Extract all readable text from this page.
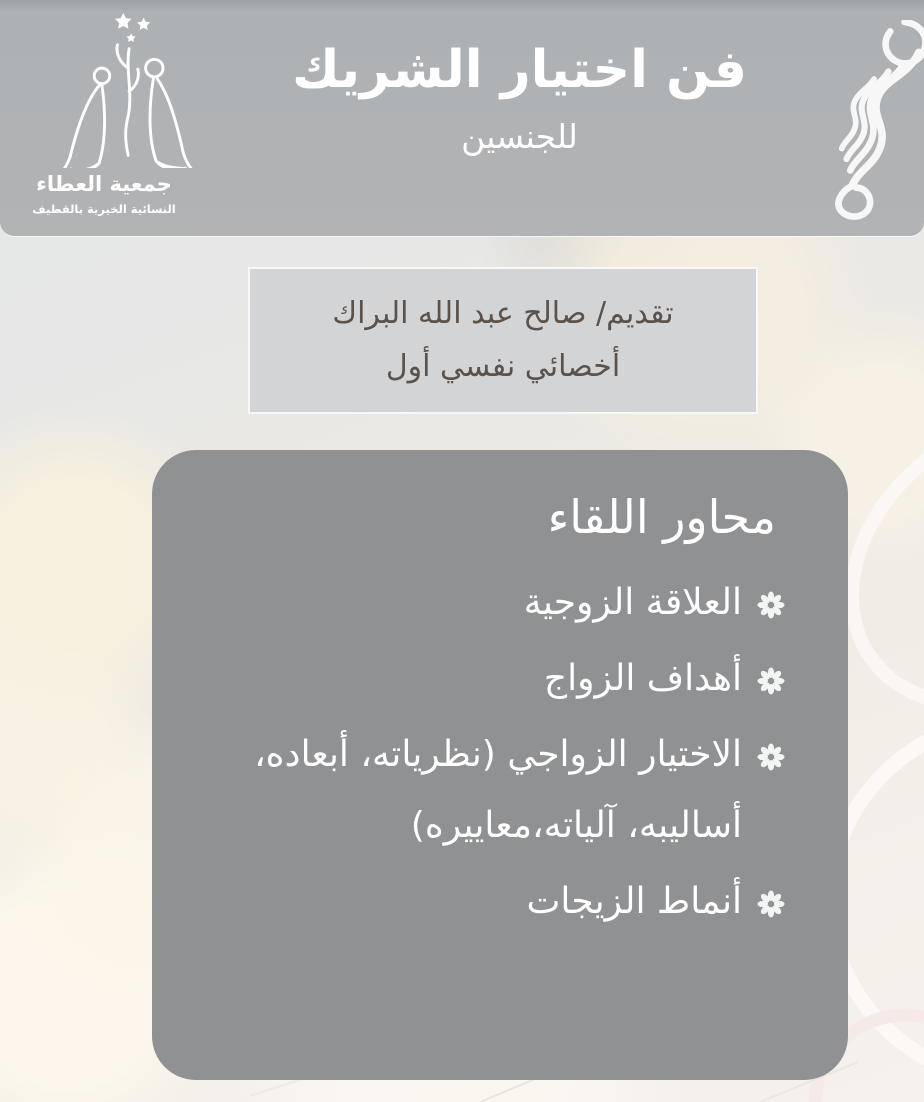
جمعية العطاء
النسائية الخيرية بالقطيف
فن اختيار الشريك
للجنسين
تقديم/ صالح عبد الله البراك
أخصائي نفسي أول
محاور اللقاء
العلاقة الزوجية
أهداف الزواج
الاختيار الزواجي (نظرياته، أبعاده، أساليبه، آلياته،معاييره)
أنماط الزيجات
